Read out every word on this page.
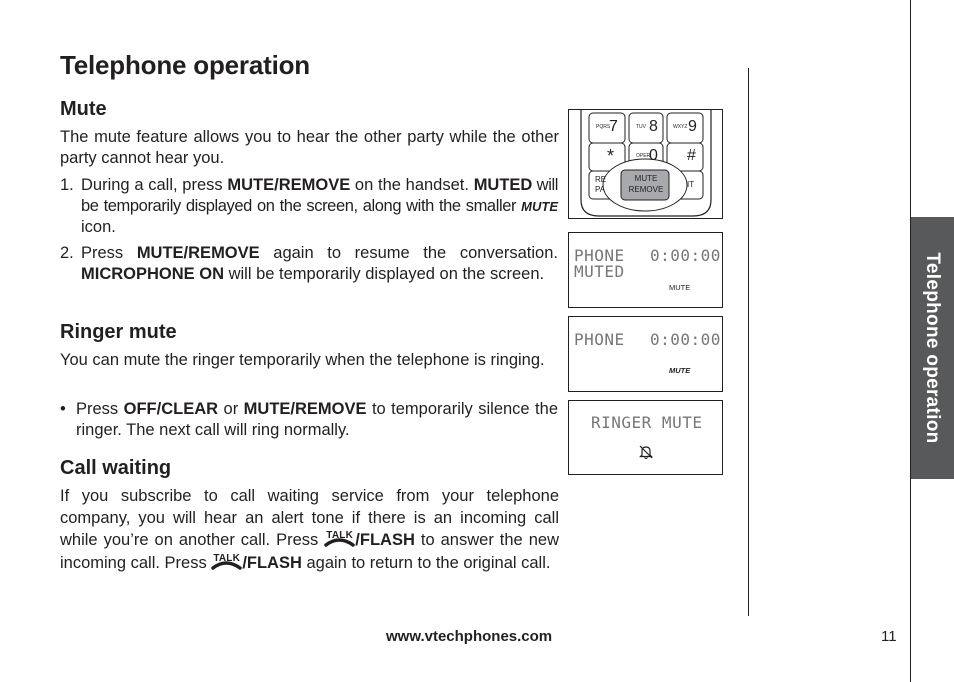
Telephone operation
Mute

The mute feature allows you to hear the other party while the other party cannot hear you.

1. During a call, press MUTE/REMOVE on the handset. MUTED will be temporarily displayed on the screen, along with the smaller MUTE icon.
2. Press MUTE/REMOVE again to resume the conversation. MICROPHONE ON will be temporarily displayed on the screen.
Ringer mute

You can mute the ringer temporarily when the telephone is ringing.

• Press OFF/CLEAR or MUTE/REMOVE to temporarily silence the ringer. The next call will ring normally.
Call waiting
If you subscribe to call waiting service from your telephone company, you will hear an alert tone if there is an incoming call while you’re on another call. Press TALK /FLASH to answer the new incoming call. Press TALK /FLASH again to return to the original call.
PQRS
7	TUV 8	WXYZ 9
*	OPER
0 #
RE PA
IT
MUTE
REMOVE
PHONE 0:00:00
MUTED
MUTE
PHONE 0:00:00
MUTE
RINGER MUTE	Telephone operation
www.vtechphones.com	11
